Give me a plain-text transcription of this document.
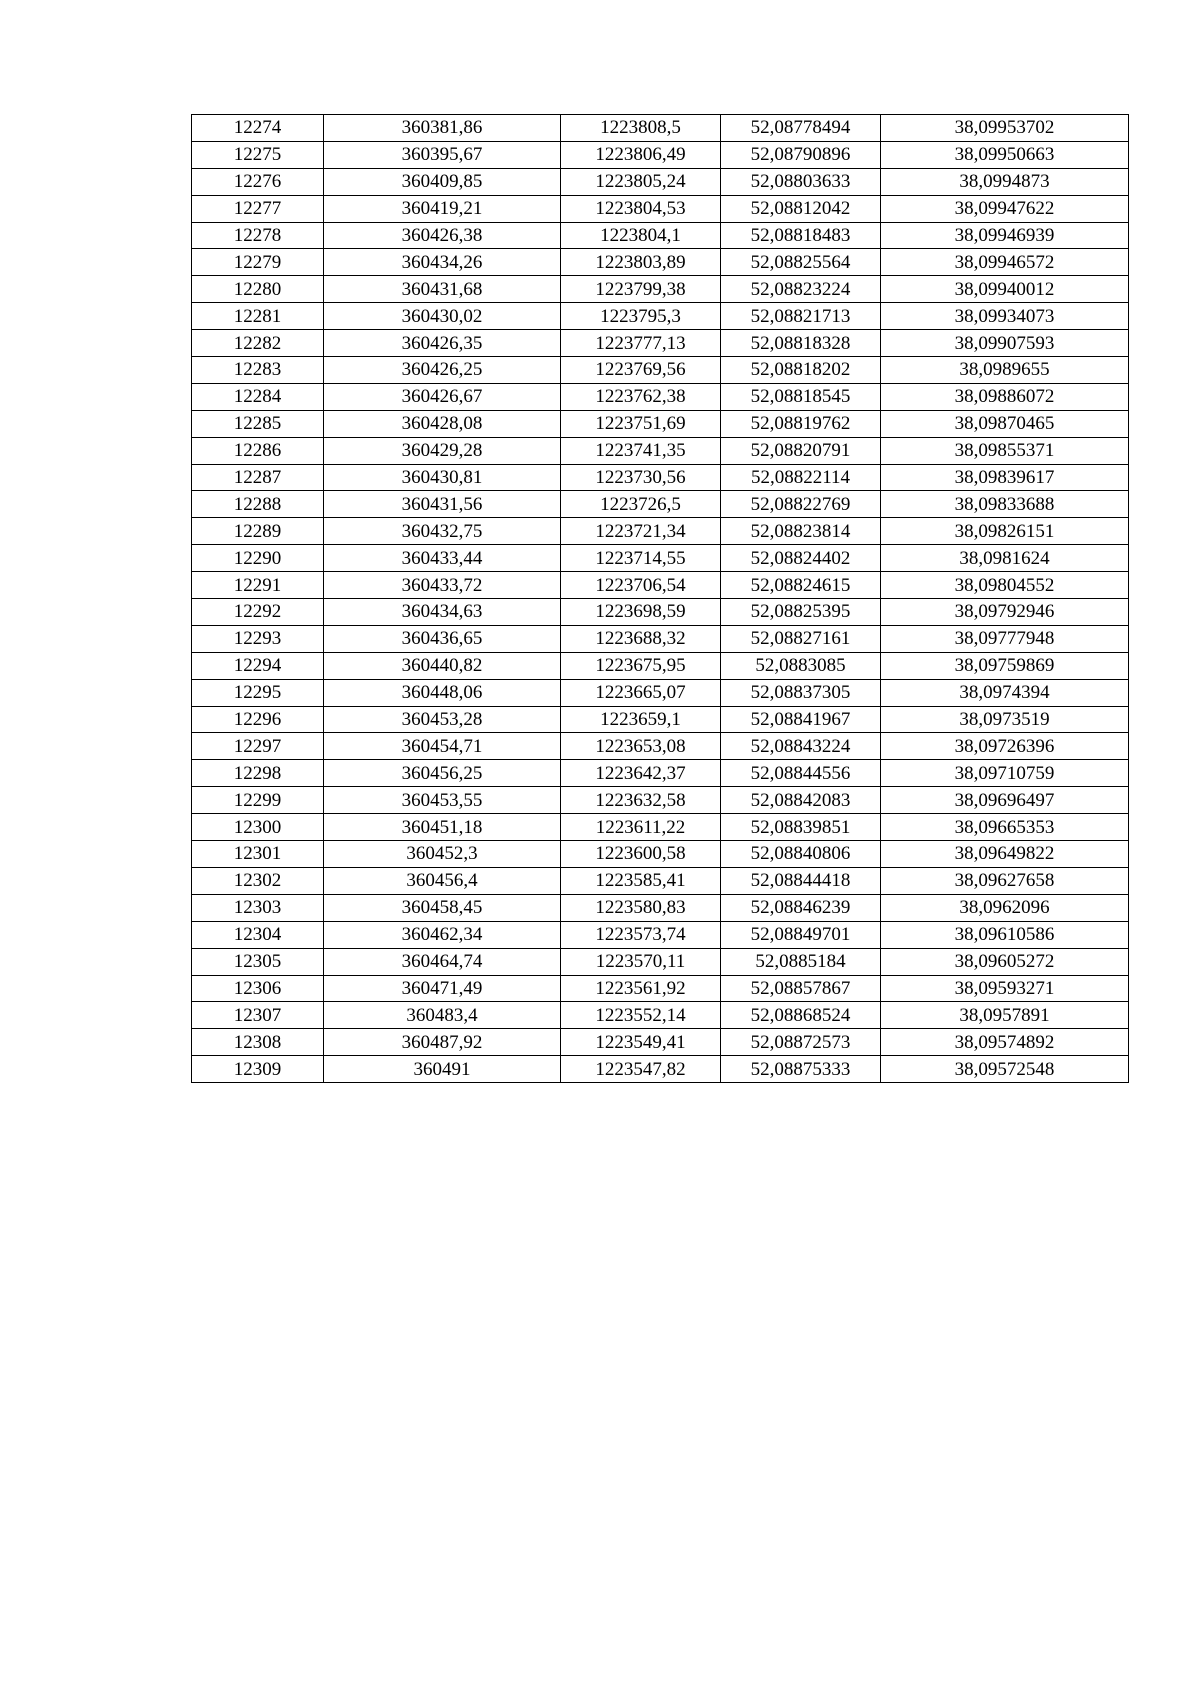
12274	360381,86	1223808,5	52,08778494	38,09953702
12275	360395,67	1223806,49	52,08790896	38,09950663
12276	360409,85	1223805,24	52,08803633	38,0994873
12277	360419,21	1223804,53	52,08812042	38,09947622
12278	360426,38	1223804,1	52,08818483	38,09946939
12279	360434,26	1223803,89	52,08825564	38,09946572
12280	360431,68	1223799,38	52,08823224	38,09940012
12281	360430,02	1223795,3	52,08821713	38,09934073
12282	360426,35	1223777,13	52,08818328	38,09907593
12283	360426,25	1223769,56	52,08818202	38,0989655
12284	360426,67	1223762,38	52,08818545	38,09886072
12285	360428,08	1223751,69	52,08819762	38,09870465
12286	360429,28	1223741,35	52,08820791	38,09855371
12287	360430,81	1223730,56	52,08822114	38,09839617
12288	360431,56	1223726,5	52,08822769	38,09833688
12289	360432,75	1223721,34	52,08823814	38,09826151
12290	360433,44	1223714,55	52,08824402	38,0981624
12291	360433,72	1223706,54	52,08824615	38,09804552
12292	360434,63	1223698,59	52,08825395	38,09792946
12293	360436,65	1223688,32	52,08827161	38,09777948
12294	360440,82	1223675,95	52,0883085	38,09759869
12295	360448,06	1223665,07	52,08837305	38,0974394
12296	360453,28	1223659,1	52,08841967	38,0973519
12297	360454,71	1223653,08	52,08843224	38,09726396
12298	360456,25	1223642,37	52,08844556	38,09710759
12299	360453,55	1223632,58	52,08842083	38,09696497
12300	360451,18	1223611,22	52,08839851	38,09665353
12301	360452,3	1223600,58	52,08840806	38,09649822
12302	360456,4	1223585,41	52,08844418	38,09627658
12303	360458,45	1223580,83	52,08846239	38,0962096
12304	360462,34	1223573,74	52,08849701	38,09610586
12305	360464,74	1223570,11	52,0885184	38,09605272
12306	360471,49	1223561,92	52,08857867	38,09593271
12307	360483,4	1223552,14	52,08868524	38,0957891
12308	360487,92	1223549,41	52,08872573	38,09574892
12309	360491	1223547,82	52,08875333	38,09572548
